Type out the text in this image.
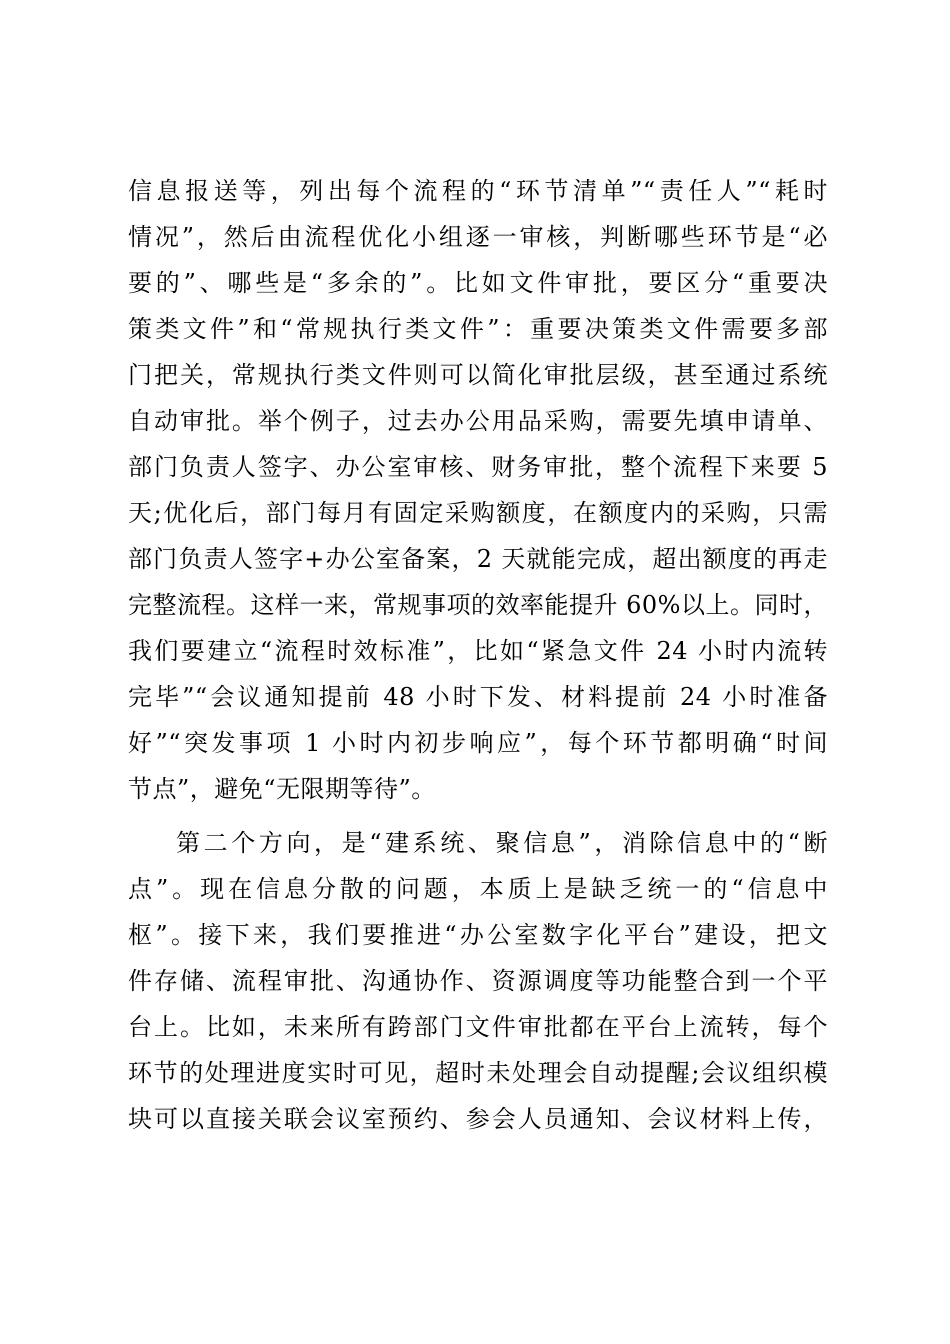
信息报送等，列出每个流程的“环节清单”“责任人”“耗时
情况”，然后由流程优化小组逐一审核，判断哪些环节是“必
要的”、哪些是“多余的”。比如文件审批，要区分“重要决
策类文件”和“常规执行类文件”：重要决策类文件需要多部
门把关，常规执行类文件则可以简化审批层级，甚至通过系统
自动审批。举个例子，过去办公用品采购，需要先填申请单、
部门负责人签字、办公室审核、财务审批，整个流程下来要 5
天;优化后，部门每月有固定采购额度，在额度内的采购，只需
部门负责人签字+办公室备案，2 天就能完成，超出额度的再走
完整流程。这样一来，常规事项的效率能提升 60%以上。同时，
我们要建立“流程时效标准”，比如“紧急文件 24 小时内流转
完毕”“会议通知提前 48 小时下发、材料提前 24 小时准备
好”“突发事项 1 小时内初步响应”，每个环节都明确“时间
节点”，避免“无限期等待”。
第二个方向，是“建系统、聚信息”，消除信息中的“断
点”。现在信息分散的问题，本质上是缺乏统一的“信息中
枢”。接下来，我们要推进“办公室数字化平台”建设，把文
件存储、流程审批、沟通协作、资源调度等功能整合到一个平
台上。比如，未来所有跨部门文件审批都在平台上流转，每个
环节的处理进度实时可见，超时未处理会自动提醒;会议组织模
块可以直接关联会议室预约、参会人员通知、会议材料上传，
